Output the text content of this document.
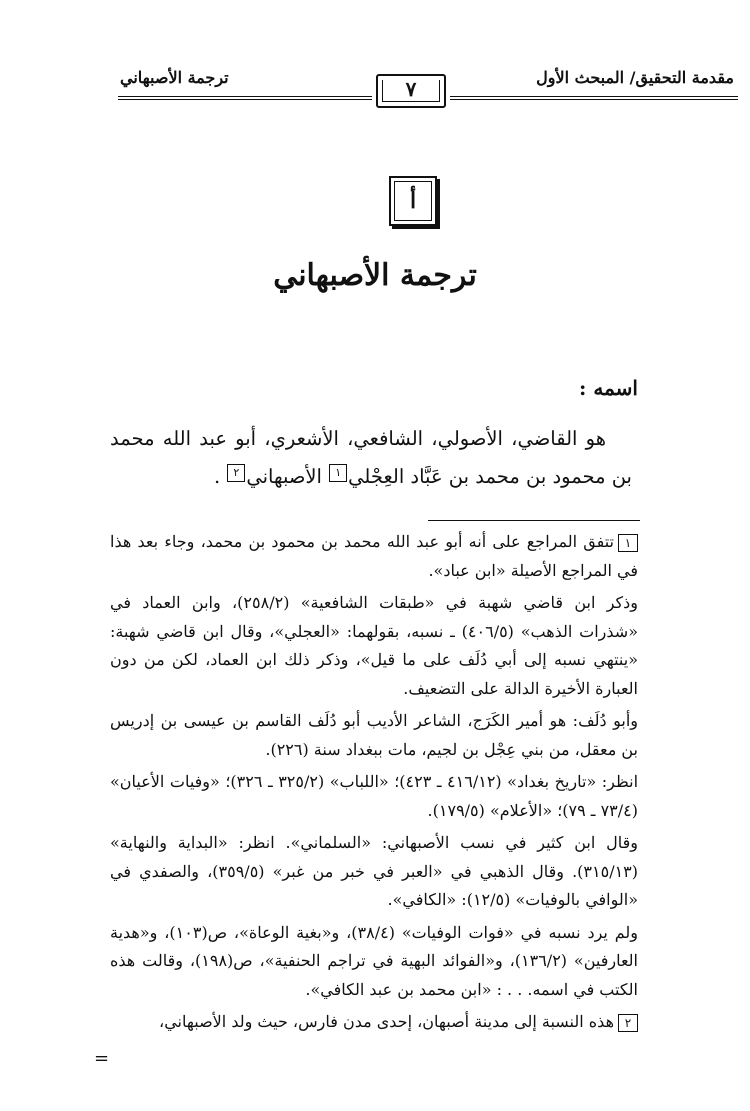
مقدمة التحقيق/ المبحث الأول
ترجمة الأصبهاني	٧
أ
ترجمة الأصبهاني
اسمه :
هو القاضي، الأصولي، الشافعي، الأشعري، أبو عبد الله محمد بن محمود بن محمد بن عَبَّاد العِجْلي١ الأصبهاني٢ .

١تتفق المراجع على أنه أبو عبد الله محمد بن محمود بن محمد، وجاء بعد هذا في المراجع الأصيلة «ابن عباد».

وذكر ابن قاضي شهبة في «طبقات الشافعية» (٢٥٨/٢)، وابن العماد في «شذرات الذهب» (٤٠٦/٥) ـ نسبه، بقولهما: «العجلي»، وقال ابن قاضي شهبة: «ينتهي نسبه إلى أبي دُلَف على ما قيل»، وذكر ذلك ابن العماد، لكن من دون العبارة الأخيرة الدالة على التضعيف.

وأبو دُلَف: هو أمير الكَرَج، الشاعر الأديب أبو دُلَف القاسم بن عيسى بن إدريس بن معقل، من بني عِجْل بن لجيم، مات ببغداد سنة (٢٢٦).

انظر: «تاريخ بغداد» (٤١٦/١٢ ـ ٤٢٣)؛ «اللباب» (٣٢٥/٢ ـ ٣٢٦)؛ «وفيات الأعيان» (٧٣/٤ ـ ٧٩)؛ «الأعلام» (١٧٩/٥).

وقال ابن كثير في نسب الأصبهاني: «السلماني». انظر: «البداية والنهاية» (٣١٥/١٣). وقال الذهبي في «العبر في خبر من غبر» (٣٥٩/٥)، والصفدي في «الوافي بالوفيات» (١٢/٥): «الكافي».

ولم يرد نسبه في «فوات الوفيات» (٣٨/٤)، و«بغية الوعاة»، ص(١٠٣)، و«هدية العارفين» (١٣٦/٢)، و«الفوائد البهية في تراجم الحنفية»، ص(١٩٨)، وقالت هذه الكتب في اسمه. . . : «ابن محمد بن عبد الكافي».

٢هذه النسبة إلى مدينة أصبهان، إحدى مدن فارس، حيث ولد الأصبهاني،

=
